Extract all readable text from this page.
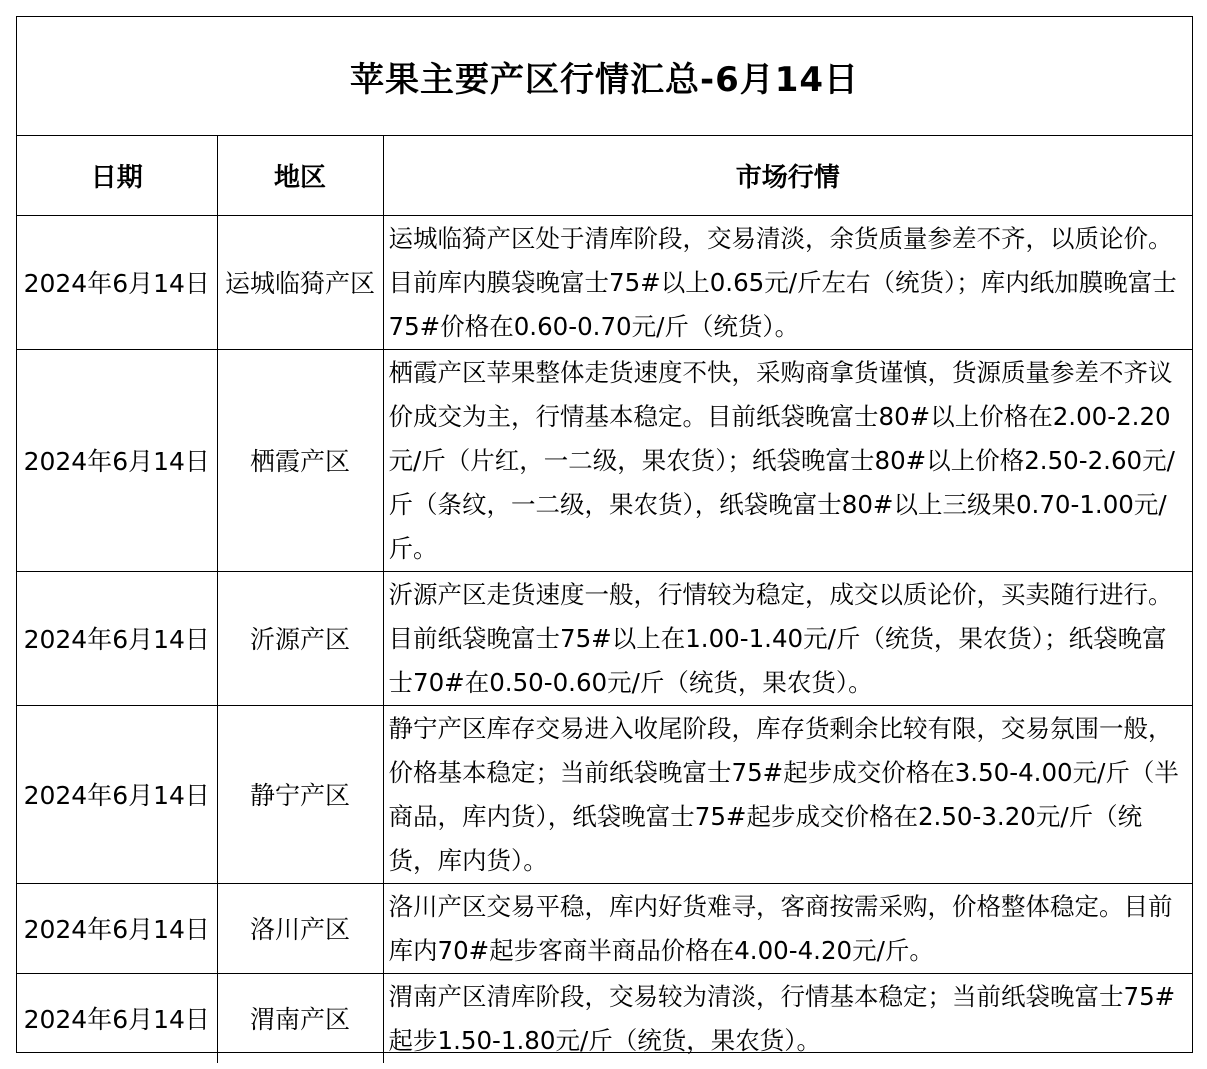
苹果主要产区行情汇总-6月14日
日期	地区	市场行情
2024年6月14日	运城临猗产区	运城临猗产区处于清库阶段，交易清淡，余货质量参差不齐，以质论价。目前库内膜袋晚富士75#以上0.65元/斤左右（统货）；库内纸加膜晚富士75#价格在0.60-0.70元/斤（统货）。
2024年6月14日	栖霞产区	栖霞产区苹果整体走货速度不快，采购商拿货谨慎，货源质量参差不齐议价成交为主，行情基本稳定。目前纸袋晚富士80#以上价格在2.00-2.20元/斤（片红，一二级，果农货）；纸袋晚富士80#以上价格2.50-2.60元/斤（条纹，一二级，果农货），纸袋晚富士80#以上三级果0.70-1.00元/斤。
2024年6月14日	沂源产区	沂源产区走货速度一般，行情较为稳定，成交以质论价，买卖随行进行。目前纸袋晚富士75#以上在1.00-1.40元/斤（统货，果农货）；纸袋晚富士70#在0.50-0.60元/斤（统货，果农货）。
2024年6月14日	静宁产区	静宁产区库存交易进入收尾阶段，库存货剩余比较有限，交易氛围一般，价格基本稳定；当前纸袋晚富士75#起步成交价格在3.50-4.00元/斤（半商品，库内货），纸袋晚富士75#起步成交价格在2.50-3.20元/斤（统货，库内货）。
2024年6月14日	洛川产区	洛川产区交易平稳，库内好货难寻，客商按需采购，价格整体稳定。目前库内70#起步客商半商品价格在4.00-4.20元/斤。
2024年6月14日	渭南产区	渭南产区清库阶段，交易较为清淡，行情基本稳定；当前纸袋晚富士75#起步1.50-1.80元/斤（统货，果农货）。
